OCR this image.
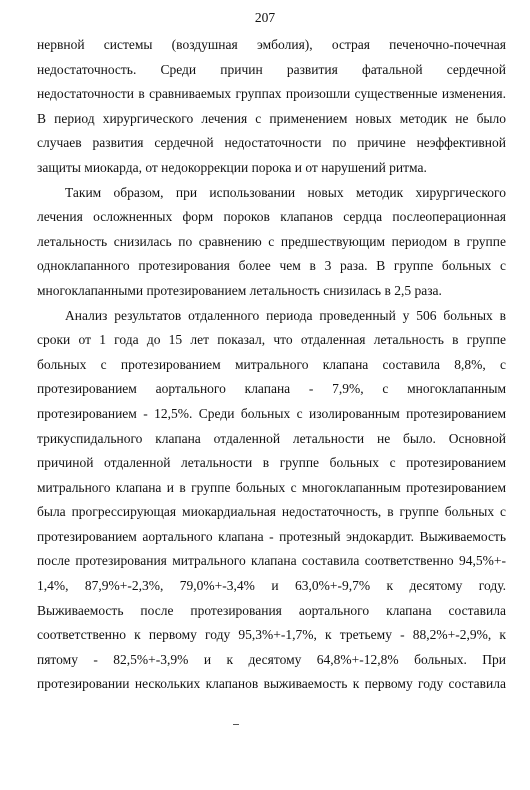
207

нервной системы (воздушная эмболия), острая печеночно-почечная
недостаточность. Среди причин развития фатальной сердечной
недостаточности в сравниваемых группах произошли существенные изменения.
В период хирургического лечения с применением новых методик не было
случаев развития сердечной недостаточности по причине неэффективной
защиты миокарда, от недокоррекции порока и от нарушений ритма.

Таким образом, при использовании новых методик хирургического
лечения осложненных форм пороков клапанов сердца послеоперационная
летальность снизилась по сравнению с предшествующим периодом в группе
одноклапанного протезирования более чем в 3 раза. В группе больных с
многоклапанными протезированием летальность снизилась в 2,5 раза.

Анализ результатов отдаленного периода проведенный у 506 больных в
сроки от 1 года до 15 лет показал, что отдаленная летальность в группе
больных с протезированием митрального клапана составила 8,8%, с
протезированием аортального клапана - 7,9%, с многоклапанным
протезированием - 12,5%. Среди больных с изолированным протезированием
трикуспидального клапана отдаленной летальности не было. Основной
причиной отдаленной летальности в группе больных с протезированием
митрального клапана и в группе больных с многоклапанным протезированием
была прогрессирующая миокардиальная недостаточность, в группе больных с
протезированием аортального клапана - протезный эндокардит. Выживаемость
после протезирования митрального клапана составила соответственно 94,5%+-
1,4%, 87,9%+-2,3%, 79,0%+-3,4% и 63,0%+-9,7% к десятому году.
Выживаемость после протезирования аортального клапана составила
соответственно к первому году 95,3%+-1,7%, к третьему - 88,2%+-2,9%, к
пятому - 82,5%+-3,9% и к десятому 64,8%+-12,8% больных. При
протезировании нескольких клапанов выживаемость к первому году составила
